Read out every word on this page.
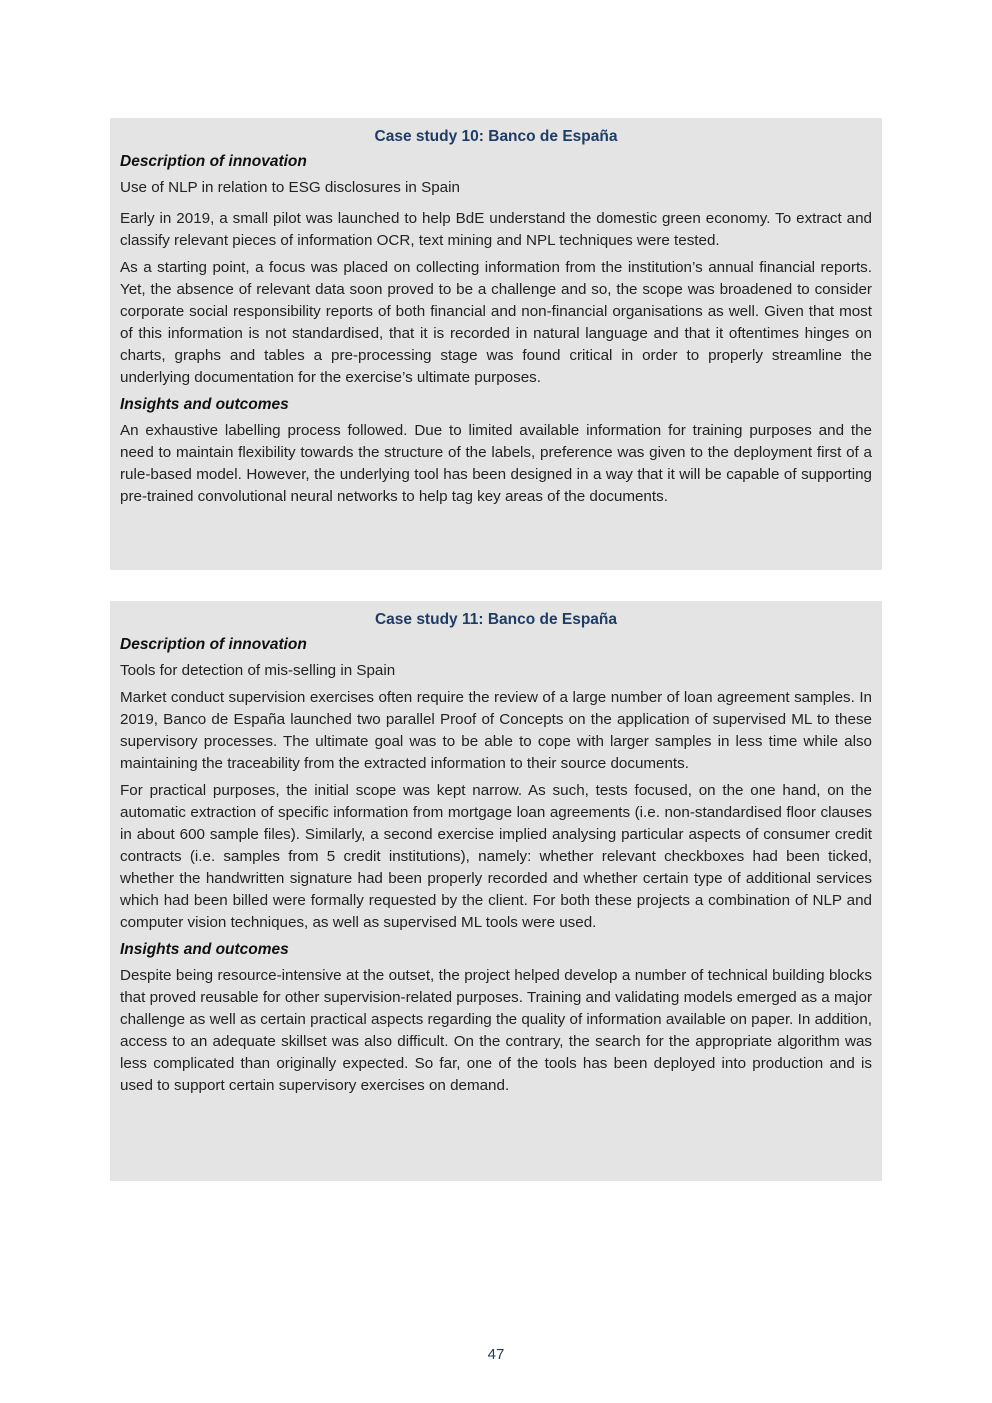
Case study 10: Banco de España
Description of innovation
Use of NLP in relation to ESG disclosures in Spain
Early in 2019, a small pilot was launched to help BdE understand the domestic green economy. To extract and classify relevant pieces of information OCR, text mining and NPL techniques were tested.
As a starting point, a focus was placed on collecting information from the institution’s annual financial reports. Yet, the absence of relevant data soon proved to be a challenge and so, the scope was broadened to consider corporate social responsibility reports of both financial and non-financial organisations as well. Given that most of this information is not standardised, that it is recorded in natural language and that it oftentimes hinges on charts, graphs and tables a pre-processing stage was found critical in order to properly streamline the underlying documentation for the exercise’s ultimate purposes.
Insights and outcomes
An exhaustive labelling process followed. Due to limited available information for training purposes and the need to maintain flexibility towards the structure of the labels, preference was given to the deployment first of a rule-based model. However, the underlying tool has been designed in a way that it will be capable of supporting pre-trained convolutional neural networks to help tag key areas of the documents.
Case study 11: Banco de España
Description of innovation
Tools for detection of mis-selling in Spain
Market conduct supervision exercises often require the review of a large number of loan agreement samples. In 2019, Banco de España launched two parallel Proof of Concepts on the application of supervised ML to these supervisory processes. The ultimate goal was to be able to cope with larger samples in less time while also maintaining the traceability from the extracted information to their source documents.
For practical purposes, the initial scope was kept narrow. As such, tests focused, on the one hand, on the automatic extraction of specific information from mortgage loan agreements (i.e. non-standardised floor clauses in about 600 sample files). Similarly, a second exercise implied analysing particular aspects of consumer credit contracts (i.e. samples from 5 credit institutions), namely: whether relevant checkboxes had been ticked, whether the handwritten signature had been properly recorded and whether certain type of additional services which had been billed were formally requested by the client. For both these projects a combination of NLP and computer vision techniques, as well as supervised ML tools were used.
Insights and outcomes
Despite being resource-intensive at the outset, the project helped develop a number of technical building blocks that proved reusable for other supervision-related purposes. Training and validating models emerged as a major challenge as well as certain practical aspects regarding the quality of information available on paper. In addition, access to an adequate skillset was also difficult. On the contrary, the search for the appropriate algorithm was less complicated than originally expected. So far, one of the tools has been deployed into production and is used to support certain supervisory exercises on demand.
47
